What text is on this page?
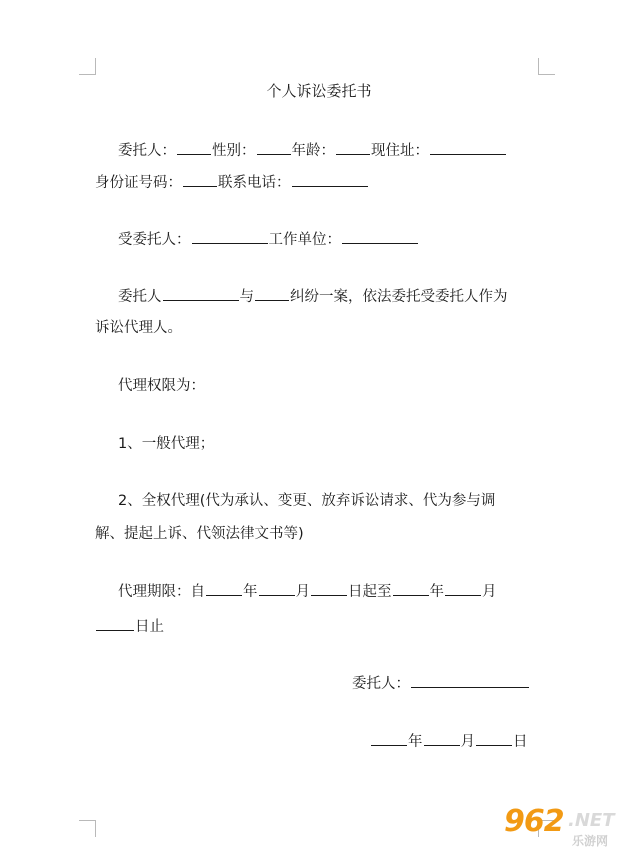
个人诉讼委托书
委托人： 性别： 年龄： 现住址：
身份证号码： 联系电话：
受委托人：	工作单位：
委托人	与 纠纷一案，依法委托受委托人作为
诉讼代理人。
代理权限为：
1、一般代理；
2、全权代理(代为承认、变更、放弃诉讼请求、代为参与调
解、提起上诉、代领法律文书等)
代理期限：自	年	月	日起至	年	月
日止
委托人：
年	月	日
962 .NET
乐游网
